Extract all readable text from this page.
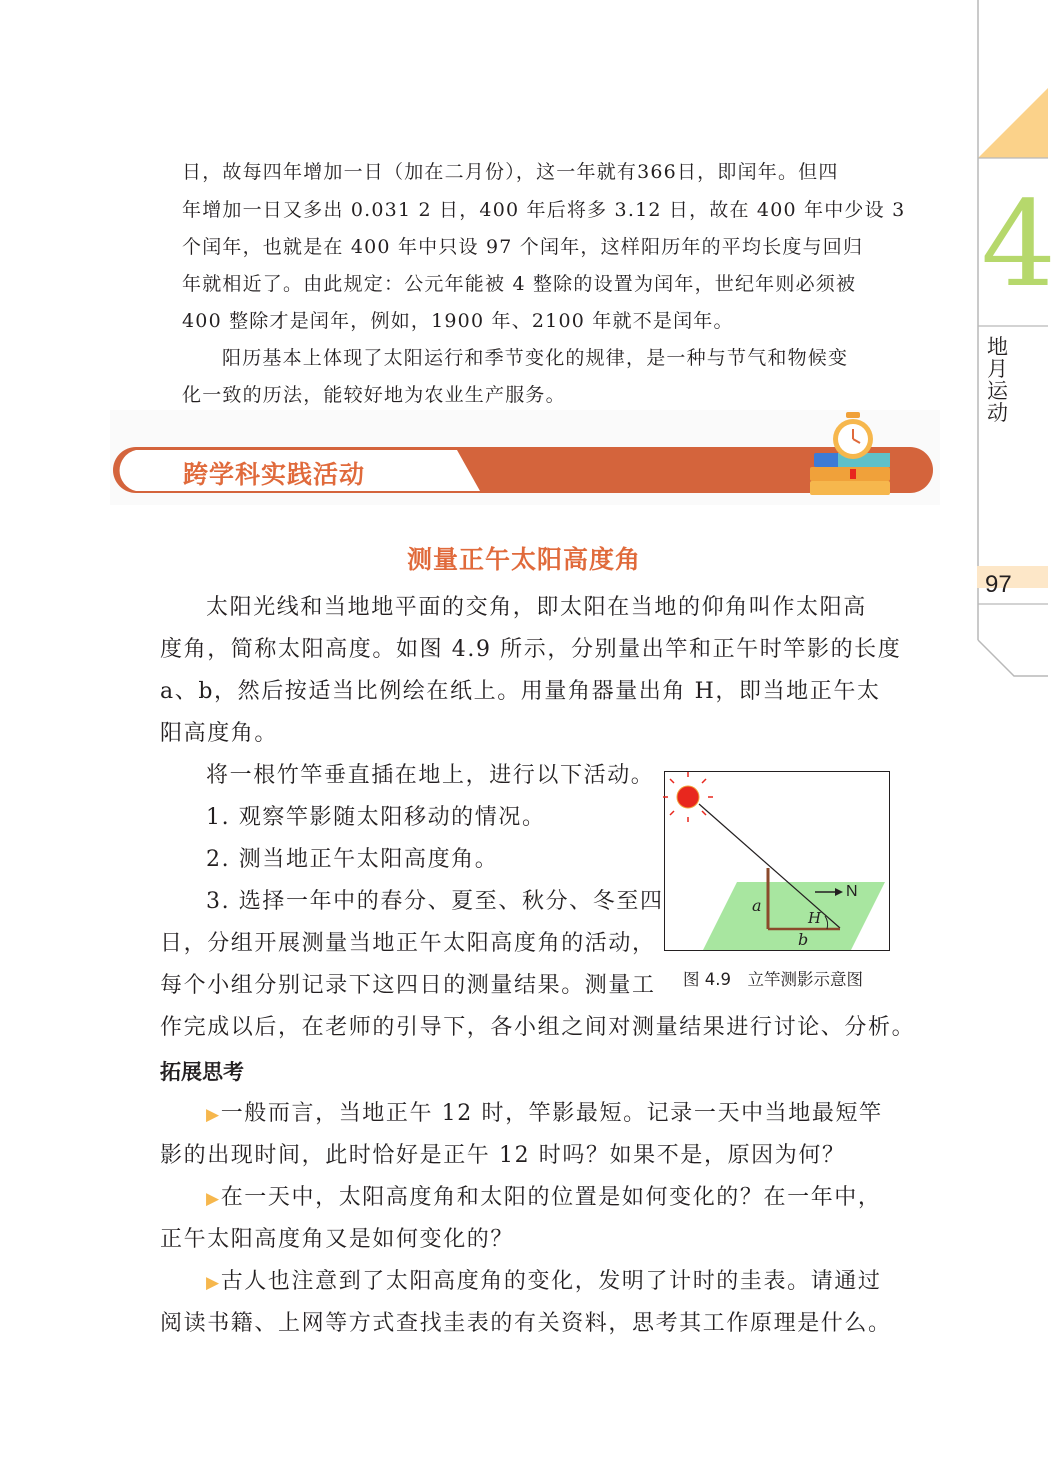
4
地月运动
97
日，故每四年增加一日（加在二月份），这一年就有366日，即闰年。但四
年增加一日又多出 0.031 2 日，400 年后将多 3.12 日，故在 400 年中少设 3
个闰年，也就是在 400 年中只设 97 个闰年，这样阳历年的平均长度与回归
年就相近了。由此规定：公元年能被 4 整除的设置为闰年，世纪年则必须被
400 整除才是闰年，例如，1900 年、2100 年就不是闰年。
阳历基本上体现了太阳运行和季节变化的规律，是一种与节气和物候变
化一致的历法，能较好地为农业生产服务。
跨学科实践活动
测量正午太阳高度角
太阳光线和当地地平面的交角，即太阳在当地的仰角叫作太阳高
度角，简称太阳高度。如图 4.9 所示，分别量出竿和正午时竿影的长度
a、b，然后按适当比例绘在纸上。用量角器量出角 H，即当地正午太
阳高度角。
将一根竹竿垂直插在地上，进行以下活动。
1. 观察竿影随太阳移动的情况。
2. 测当地正午太阳高度角。
3. 选择一年中的春分、夏至、秋分、冬至四
日，分组开展测量当地正午太阳高度角的活动，
每个小组分别记录下这四日的测量结果。测量工
作完成以后，在老师的引导下，各小组之间对测量结果进行讨论、分析。
a
b
H
N
图 4.9　立竿测影示意图
拓展思考
▶一般而言，当地正午 12 时，竿影最短。记录一天中当地最短竿
影的出现时间，此时恰好是正午 12 时吗？如果不是，原因为何？
▶在一天中，太阳高度角和太阳的位置是如何变化的？在一年中，
正午太阳高度角又是如何变化的？
▶古人也注意到了太阳高度角的变化，发明了计时的圭表。请通过
阅读书籍、上网等方式查找圭表的有关资料，思考其工作原理是什么。
